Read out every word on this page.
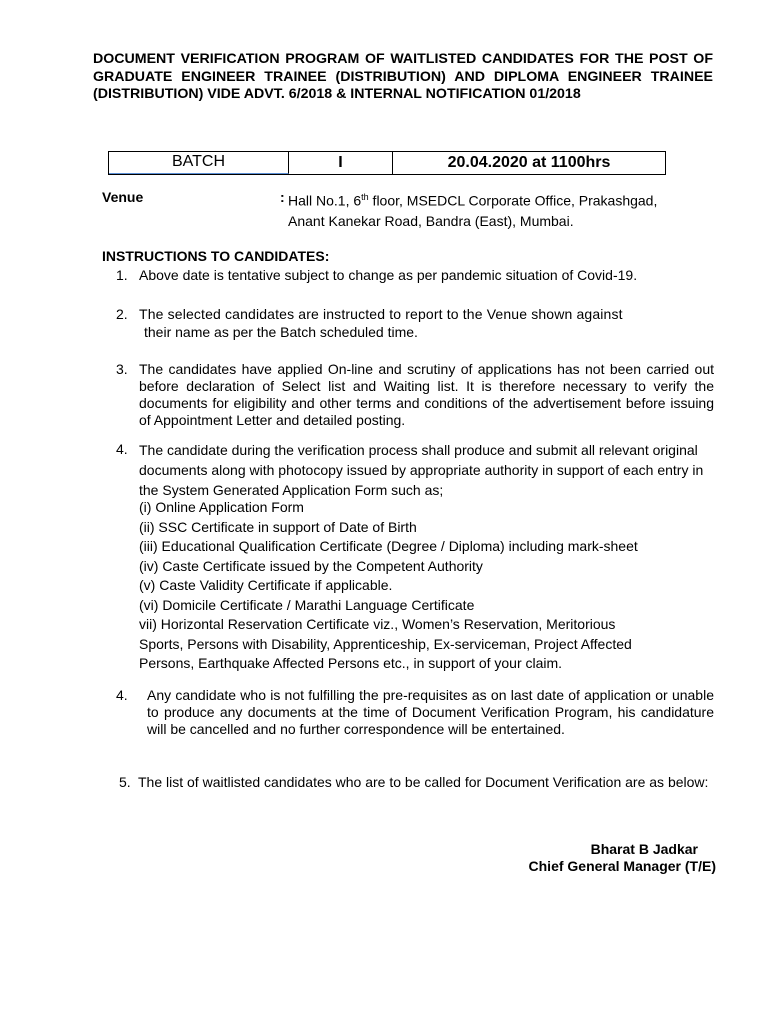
DOCUMENT VERIFICATION PROGRAM OF WAITLISTED CANDIDATES FOR THE POST OF GRADUATE ENGINEER TRAINEE (DISTRIBUTION) AND DIPLOMA ENGINEER TRAINEE (DISTRIBUTION) VIDE ADVT. 6/2018 & INTERNAL NOTIFICATION 01/2018
BATCH	I	20.04.2020 at 1100hrs
Venue	: Hall No.1, 6th floor, MSEDCL Corporate Office, Prakashgad,
Anant Kanekar Road, Bandra (East), Mumbai.
INSTRUCTIONS TO CANDIDATES:
1. Above date is tentative subject to change as per pandemic situation of Covid-19.
2. The selected candidates are instructed to report to the Venue shown against
their name as per the Batch scheduled time.
3. The candidates have applied On-line and scrutiny of applications has not been carried out before declaration of Select list and Waiting list. It is therefore necessary to verify the documents for eligibility and other terms and conditions of the advertisement before issuing of Appointment Letter and detailed posting.
4. The candidate during the verification process shall produce and submit all relevant original documents along with photocopy issued by appropriate authority in support of each entry in the System Generated Application Form such as;
(i) Online Application Form
(ii) SSC Certificate in support of Date of Birth
(iii) Educational Qualification Certificate (Degree / Diploma) including mark-sheet
(iv) Caste Certificate issued by the Competent Authority
(v) Caste Validity Certificate if applicable.
(vi) Domicile Certificate / Marathi Language Certificate
vii) Horizontal Reservation Certificate viz., Women’s Reservation, Meritorious
Sports, Persons with Disability, Apprenticeship, Ex-serviceman, Project Affected
Persons, Earthquake Affected Persons etc., in support of your claim.
4. Any candidate who is not fulfilling the pre-requisites as on last date of application or unable to produce any documents at the time of Document Verification Program, his candidature will be cancelled and no further correspondence will be entertained.
5. The list of waitlisted candidates who are to be called for Document Verification are as below:
Bharat B Jadkar
Chief General Manager (T/E)
